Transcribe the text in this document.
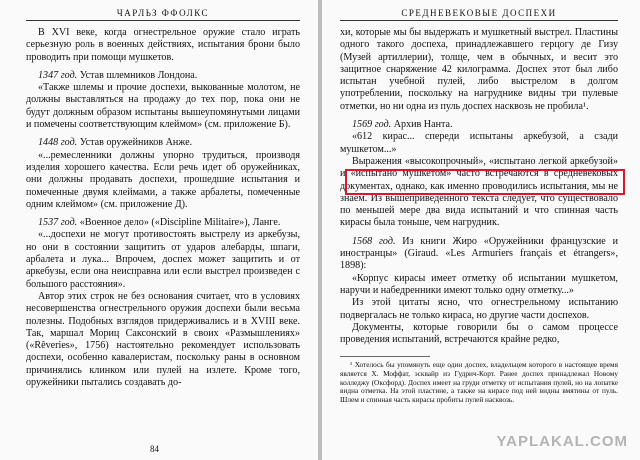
ЧАРЛЬЗ ФФОЛКС

В XVI веке, когда огнестрельное оружие стало играть серьезную роль в военных действиях, испытания брони было проводить при помощи мушкетов.

1347 год. Устав шлемников Лондона.

«Также шлемы и прочие доспехи, выкованные молотом, не должны выставляться на продажу до тех пор, пока они не будут должным образом испытаны вышеупомянутыми лицами и помечены соответствующим клеймом» (см. приложение Б).

1448 год. Устав оружейников Анже.

«...ремесленники должны упорно трудиться, производя изделия хорошего качества. Если речь идет об оружейниках, они должны продавать доспехи, прошедшие испытания и помеченные двумя клеймами, а также арбалеты, помеченные одним клеймом» (см. приложение Д).

1537 год. «Военное дело» («Discipline Militaire»), Ланге.

«...доспехи не могут противостоять выстрелу из аркебузы, но они в состоянии защитить от ударов алебарды, шпаги, арбалета и лука... Впрочем, доспех может защитить и от аркебузы, если она неисправна или если выстрел произведен с большого расстояния».

Автор этих строк не без основания считает, что в условиях несовершенства огнестрельного оружия доспехи были весьма полезны. Подобных взглядов придерживались и в XVIII веке. Так, маршал Мориц Саксонский в своих «Размышлениях» («Rêveries», 1756) настоятельно рекомендует использовать доспехи, особенно кавалеристам, поскольку раны в основном причинялись клинком или пулей на излете. Кроме того, оружейники пытались создавать до-

84
СРЕДНЕВЕКОВЫЕ ДОСПЕХИ

хи, которые мы бы выдержать и мушкетный выстрел. Пластины одного такого доспеха, принадлежавшего герцогу де Гизу (Музей артиллерии), толще, чем в обычных, и весит это защитное снаряжение 42 килограмма. Доспех этот был либо испытан учебной пулей, либо выстрелом в долгом употреблении, поскольку на нагруднике видны три пулевые отметки, но ни одна из пуль доспех насквозь не пробила¹.

1569 год. Архив Нанта.

«612 кирас... спереди испытаны аркебузой, а сзади мушкетом...»

Выражения «высокопрочный», «испытано легкой аркебузой» и «испытано мушкетом» часто встречаются в средневековых документах, однако, как именно проводились испытания, мы не знаем. Из вышеприведенного текста следует, что существовало по меньшей мере два вида испытаний и что спинная часть кирасы была тоньше, чем нагрудник.

1568 год. Из книги Жиро «Оружейники французские и иностранцы» (Giraud. «Les Armuriers français et étrangers», 1898):

«Корпус кирасы имеет отметку об испытании мушкетом, наручи и набедренники имеют только одну отметку...»

Из этой цитаты ясно, что огнестрельному испытанию подвергалась не только кираса, но другие части доспехов.

Документы, которые говорили бы о самом процессе проведения испытаний, встречаются крайне редко,

¹ Хотелось бы упомянуть еще один доспех, владельцем которого в настоящее время является Х. Моффат, эсквайр из Гудрич-Корт. Ранее доспех принадлежал Новому колледжу (Оксфорд). Доспех имеет на груди отметку от испытания пулей, но на лопатке видна отметка. На этой пластине, а также на кирасе под ней видны вмятины от пуль. Шлем и спинная часть кирасы пробиты пулей насквозь.
YAPLAKAL.COM
